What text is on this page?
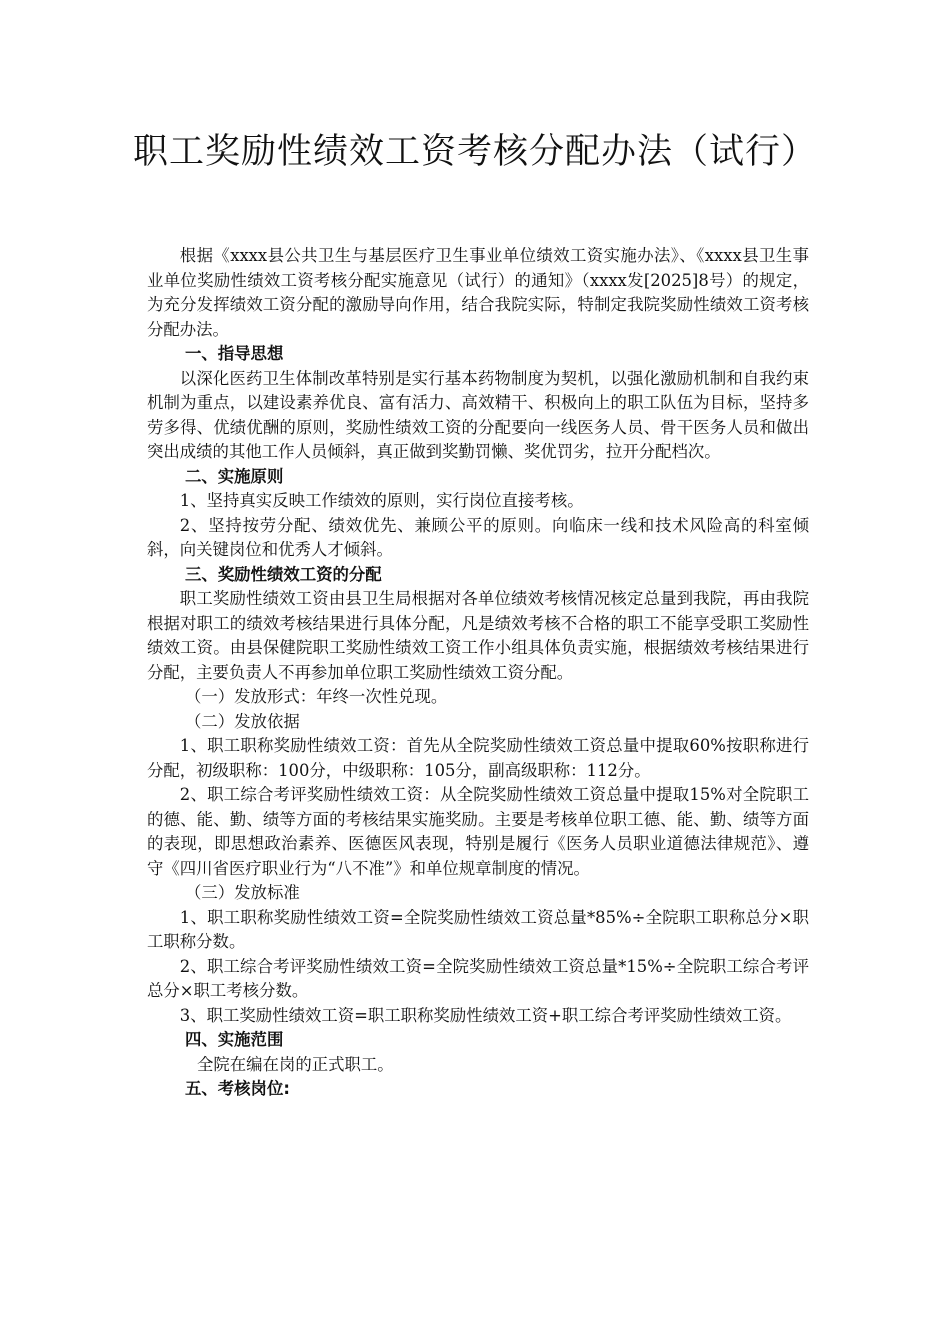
职工奖励性绩效工资考核分配办法（试行）

根据《xxxx县公共卫生与基层医疗卫生事业单位绩效工资实施办法》、《xxxx县卫生事业单位奖励性绩效工资考核分配实施意见（试行）的通知》（xxxx发[2025]8号）的规定，为充分发挥绩效工资分配的激励导向作用，结合我院实际，特制定我院奖励性绩效工资考核分配办法。

一、指导思想

以深化医药卫生体制改革特别是实行基本药物制度为契机，以强化激励机制和自我约束机制为重点，以建设素养优良、富有活力、高效精干、积极向上的职工队伍为目标，坚持多劳多得、优绩优酬的原则，奖励性绩效工资的分配要向一线医务人员、骨干医务人员和做出突出成绩的其他工作人员倾斜，真正做到奖勤罚懒、奖优罚劣，拉开分配档次。

二、实施原则

1、坚持真实反映工作绩效的原则，实行岗位直接考核。

2、坚持按劳分配、绩效优先、兼顾公平的原则。向临床一线和技术风险高的科室倾斜，向关键岗位和优秀人才倾斜。

三、奖励性绩效工资的分配

职工奖励性绩效工资由县卫生局根据对各单位绩效考核情况核定总量到我院，再由我院根据对职工的绩效考核结果进行具体分配，凡是绩效考核不合格的职工不能享受职工奖励性绩效工资。由县保健院职工奖励性绩效工资工作小组具体负责实施，根据绩效考核结果进行分配，主要负责人不再参加单位职工奖励性绩效工资分配。

（一）发放形式：年终一次性兑现。

（二）发放依据

1、职工职称奖励性绩效工资：首先从全院奖励性绩效工资总量中提取60%按职称进行分配，初级职称：100分，中级职称：105分，副高级职称：112分。

2、职工综合考评奖励性绩效工资：从全院奖励性绩效工资总量中提取15%对全院职工的德、能、勤、绩等方面的考核结果实施奖励。主要是考核单位职工德、能、勤、绩等方面的表现，即思想政治素养、医德医风表现，特别是履行《医务人员职业道德法律规范》、遵守《四川省医疗职业行为“八不准”》和单位规章制度的情况。

（三）发放标准

1、职工职称奖励性绩效工资=全院奖励性绩效工资总量*85%÷全院职工职称总分×职工职称分数。

2、职工综合考评奖励性绩效工资=全院奖励性绩效工资总量*15%÷全院职工综合考评总分×职工考核分数。

3、职工奖励性绩效工资=职工职称奖励性绩效工资+职工综合考评奖励性绩效工资。

四、实施范围

全院在编在岗的正式职工。

五、考核岗位:
